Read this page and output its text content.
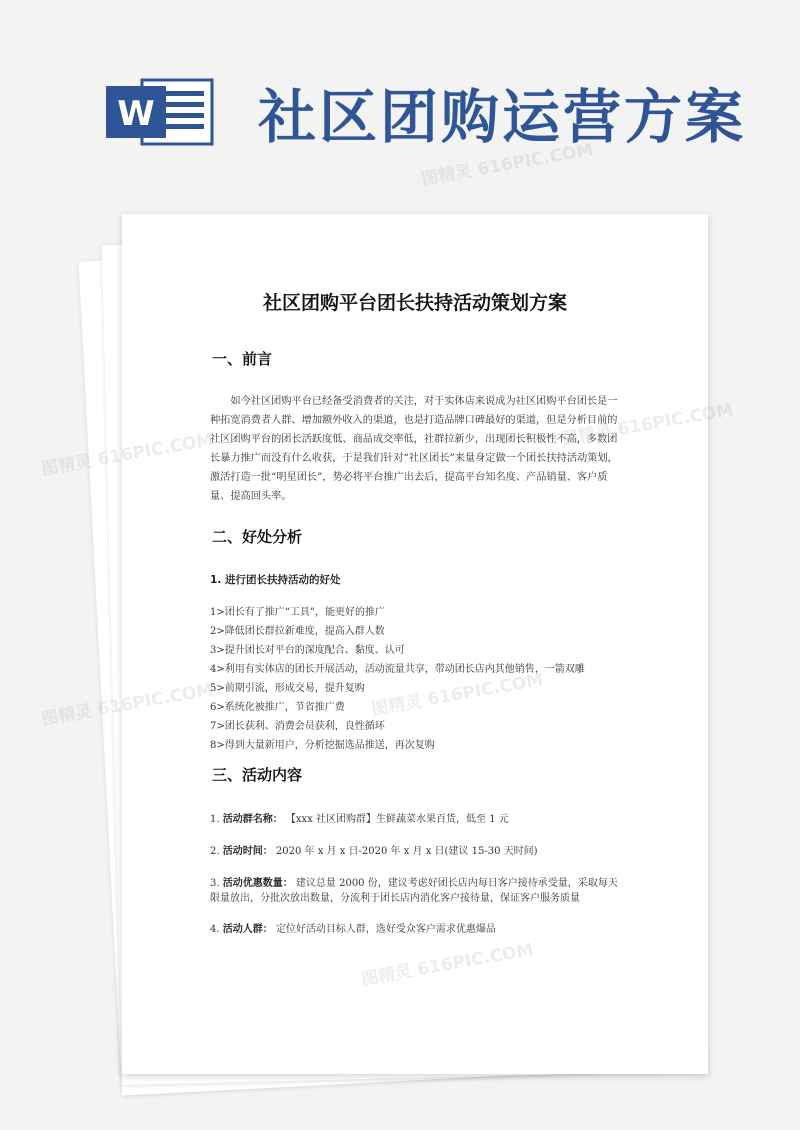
W 社区团购运营方案
社区团购平台团长扶持活动策划方案
一、前言

如今社区团购平台已经备受消费者的关注，对于实体店来说成为社区团购平台团长是一种拓宽消费者人群、增加额外收入的渠道，也是打造品牌口碑最好的渠道，但是分析目前的社区团购平台的团长活跃度低、商品成交率低，社群拉新少，出现团长积极性不高，多数团长暴力推广而没有什么收获，于是我们针对“社区团长”来量身定做一个团长扶持活动策划，激活打造一批“明星团长”，势必将平台推广出去后，提高平台知名度、产品销量、客户质量、提高回头率。

二、好处分析
1. 进行团长扶持活动的好处
1>团长有了推广“工具”，能更好的推广
2>降低团长群拉新难度，提高入群人数
3>提升团长对平台的深度配合、黏度、认可
4>利用有实体店的团长开展活动，活动流量共享，带动团长店内其他销售，一箭双雕
5>前期引流，形成交易，提升复购
6>系统化被推广，节省推广费
7>团长获利、消费会员获利，良性循环
8>得到大量新用户，分析挖掘选品推送，再次复购
三、活动内容
1. 活动群名称： 【xxx 社区团购群】生鲜蔬菜水果百货，低至 1 元
2. 活动时间： 2020 年 x 月 x 日-2020 年 x 月 x 日(建议 15-30 天时间)
3. 活动优惠数量： 建议总量 2000 份，建议考虑好团长店内每日客户接待承受量，采取每天限量放出，分批次放出数量，分流利于团长店内消化客户接待量，保证客户服务质量
4. 活动人群： 定位好活动目标人群，选好受众客户需求优惠爆品
图精灵 616PIC.COM
图精灵 616PIC.COM
图精灵 616PIC.COM
图精灵 616PIC.COM	图精灵 616PIC.COM
图精灵 616PIC.COM
